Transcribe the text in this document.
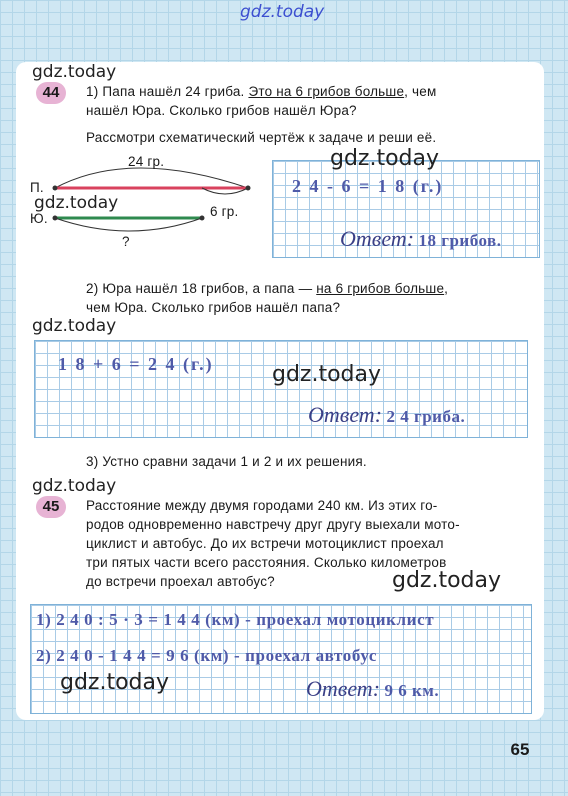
gdz.today
gdz.today
44	1) Папа нашёл 24 гриба. Это на 6 грибов больше, чем
нашёл Юра. Сколько грибов нашёл Юра?
Рассмотри схематический чертёж к задаче и реши её.
24 гр.
П.
Ю.	6 гр.
?
gdz.today
gdz.today
2 4 - 6 = 1 8 (г.)
Ответ: 18 грибов.
2) Юра нашёл 18 грибов, а папа — на 6 грибов больше,
чем Юра. Сколько грибов нашёл папа?
gdz.today
1 8 + 6 = 2 4 (г.)	gdz.today
Ответ: 2 4 гриба.
3) Устно сравни задачи 1 и 2 и их решения.
gdz.today
45	Расстояние между двумя городами 240 км. Из этих го-
родов одновременно навстречу друг другу выехали мото-
циклист и автобус. До их встречи мотоциклист проехал
три пятых части всего расстояния. Сколько километров
до встречи проехал автобус?	gdz.today
1) 2 4 0 : 5 · 3 = 1 4 4 (км) - проехал мотоциклист
2) 2 4 0 - 1 4 4 = 9 6 (км) - проехал автобус
gdz.today	Ответ: 9 6 км.
65
